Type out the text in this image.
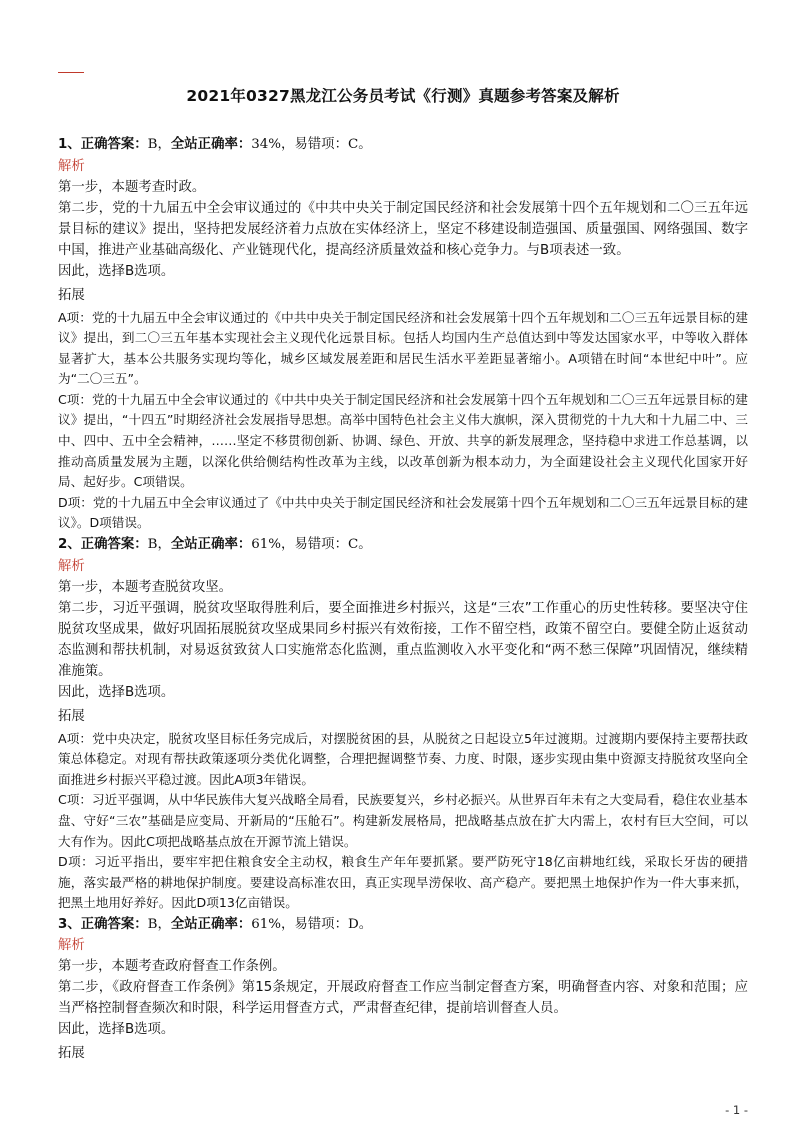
2021年0327黑龙江公务员考试《行测》真题参考答案及解析
1、正确答案：B，全站正确率：34%，易错项：C。
解析

第一步，本题考查时政。

第二步，党的十九届五中全会审议通过的《中共中央关于制定国民经济和社会发展第十四个五年规划和二〇三五年远景目标的建议》提出，坚持把发展经济着力点放在实体经济上，坚定不移建设制造强国、质量强国、网络强国、数字中国，推进产业基础高级化、产业链现代化，提高经济质量效益和核心竞争力。与B项表述一致。

因此，选择B选项。

拓展

A项：党的十九届五中全会审议通过的《中共中央关于制定国民经济和社会发展第十四个五年规划和二〇三五年远景目标的建议》提出，到二〇三五年基本实现社会主义现代化远景目标。包括人均国内生产总值达到中等发达国家水平，中等收入群体显著扩大，基本公共服务实现均等化，城乡区域发展差距和居民生活水平差距显著缩小。A项错在时间“本世纪中叶”。应为“二〇三五”。

C项：党的十九届五中全会审议通过的《中共中央关于制定国民经济和社会发展第十四个五年规划和二〇三五年远景目标的建议》提出，“十四五”时期经济社会发展指导思想。高举中国特色社会主义伟大旗帜，深入贯彻党的十九大和十九届二中、三中、四中、五中全会精神，……坚定不移贯彻创新、协调、绿色、开放、共享的新发展理念，坚持稳中求进工作总基调，以推动高质量发展为主题，以深化供给侧结构性改革为主线，以改革创新为根本动力，为全面建设社会主义现代化国家开好局、起好步。C项错误。

D项：党的十九届五中全会审议通过了《中共中央关于制定国民经济和社会发展第十四个五年规划和二〇三五年远景目标的建议》。D项错误。

2、正确答案：B，全站正确率：61%，易错项：C。
解析

第一步，本题考查脱贫攻坚。

第二步，习近平强调，脱贫攻坚取得胜利后，要全面推进乡村振兴，这是“三农”工作重心的历史性转移。要坚决守住脱贫攻坚成果，做好巩固拓展脱贫攻坚成果同乡村振兴有效衔接，工作不留空档，政策不留空白。要健全防止返贫动态监测和帮扶机制，对易返贫致贫人口实施常态化监测，重点监测收入水平变化和“两不愁三保障”巩固情况，继续精准施策。

因此，选择B选项。

拓展

A项：党中央决定，脱贫攻坚目标任务完成后，对摆脱贫困的县，从脱贫之日起设立5年过渡期。过渡期内要保持主要帮扶政策总体稳定。对现有帮扶政策逐项分类优化调整，合理把握调整节奏、力度、时限，逐步实现由集中资源支持脱贫攻坚向全面推进乡村振兴平稳过渡。因此A项3年错误。

C项：习近平强调，从中华民族伟大复兴战略全局看，民族要复兴，乡村必振兴。从世界百年未有之大变局看，稳住农业基本盘、守好“三农”基础是应变局、开新局的“压舱石”。构建新发展格局，把战略基点放在扩大内需上，农村有巨大空间，可以大有作为。因此C项把战略基点放在开源节流上错误。

D项：习近平指出，要牢牢把住粮食安全主动权，粮食生产年年要抓紧。要严防死守18亿亩耕地红线，采取长牙齿的硬措施，落实最严格的耕地保护制度。要建设高标准农田，真正实现旱涝保收、高产稳产。要把黑土地保护作为一件大事来抓，把黑土地用好养好。因此D项13亿亩错误。

3、正确答案：B，全站正确率：61%，易错项：D。
解析

第一步，本题考查政府督查工作条例。

第二步，《政府督查工作条例》第15条规定，开展政府督查工作应当制定督查方案，明确督查内容、对象和范围；应当严格控制督查频次和时限，科学运用督查方式，严肃督查纪律，提前培训督查人员。

因此，选择B选项。

拓展
- 1 -
